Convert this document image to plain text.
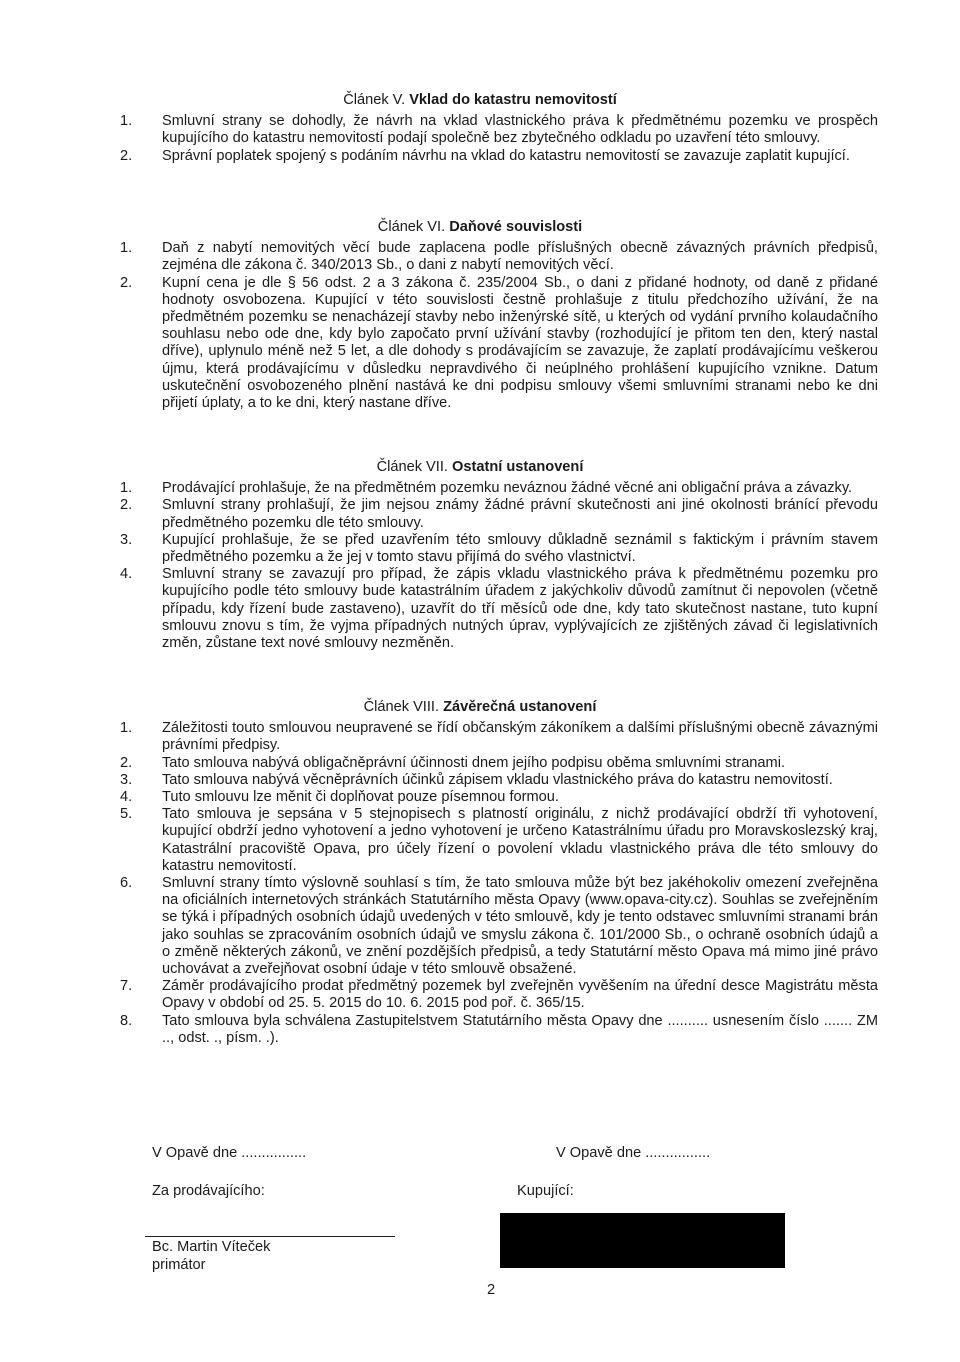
Článek V. Vklad do katastru nemovitostí
1.	Smluvní strany se dohodly, že návrh na vklad vlastnického práva k předmětnému pozemku ve prospěch kupujícího do katastru nemovitostí podají společně bez zbytečného odkladu po uzavření této smlouvy.
2.	Správní poplatek spojený s podáním návrhu na vklad do katastru nemovitostí se zavazuje zaplatit kupující.
Článek VI. Daňové souvislosti
1.	Daň z nabytí nemovitých věcí bude zaplacena podle příslušných obecně závazných právních předpisů, zejména dle zákona č. 340/2013 Sb., o dani z nabytí nemovitých věcí.
2.	Kupní cena je dle § 56 odst. 2 a 3 zákona č. 235/2004 Sb., o dani z přidané hodnoty, od daně z přidané hodnoty osvobozena. Kupující v této souvislosti čestně prohlašuje z titulu předchozího užívání, že na předmětném pozemku se nenacházejí stavby nebo inženýrské sítě, u kterých od vydání prvního kolaudačního souhlasu nebo ode dne, kdy bylo započato první užívání stavby (rozhodující je přitom ten den, který nastal dříve), uplynulo méně než 5 let, a dle dohody s prodávajícím se zavazuje, že zaplatí prodávajícímu veškerou újmu, která prodávajícímu v důsledku nepravdivého či neúplného prohlášení kupujícího vznikne. Datum uskutečnění osvobozeného plnění nastává ke dni podpisu smlouvy všemi smluvními stranami nebo ke dni přijetí úplaty, a to ke dni, který nastane dříve.
Článek VII. Ostatní ustanovení
1.	Prodávající prohlašuje, že na předmětném pozemku neváznou žádné věcné ani obligační práva a závazky.
2.	Smluvní strany prohlašují, že jim nejsou známy žádné právní skutečnosti ani jiné okolnosti bránící převodu předmětného pozemku dle této smlouvy.
3.	Kupující prohlašuje, že se před uzavřením této smlouvy důkladně seznámil s faktickým i právním stavem předmětného pozemku a že jej v tomto stavu přijímá do svého vlastnictví.
4.	Smluvní strany se zavazují pro případ, že zápis vkladu vlastnického práva k předmětnému pozemku pro kupujícího podle této smlouvy bude katastrálním úřadem z jakýchkoliv důvodů zamítnut či nepovolen (včetně případu, kdy řízení bude zastaveno), uzavřít do tří měsíců ode dne, kdy tato skutečnost nastane, tuto kupní smlouvu znovu s tím, že vyjma případných nutných úprav, vyplývajících ze zjištěných závad či legislativních změn, zůstane text nové smlouvy nezměněn.
Článek VIII. Závěrečná ustanovení
1.	Záležitosti touto smlouvou neupravené se řídí občanským zákoníkem a dalšími příslušnými obecně závaznými právními předpisy.
2.	Tato smlouva nabývá obligačněprávní účinnosti dnem jejího podpisu oběma smluvními stranami.
3.	Tato smlouva nabývá věcněprávních účinků zápisem vkladu vlastnického práva do katastru nemovitostí.
4.	Tuto smlouvu lze měnit či doplňovat pouze písemnou formou.
5.	Tato smlouva je sepsána v 5 stejnopisech s platností originálu, z nichž prodávající obdrží tři vyhotovení, kupující obdrží jedno vyhotovení a jedno vyhotovení je určeno Katastrálnímu úřadu pro Moravskoslezský kraj, Katastrální pracoviště Opava, pro účely řízení o povolení vkladu vlastnického práva dle této smlouvy do katastru nemovitostí.
6.	Smluvní strany tímto výslovně souhlasí s tím, že tato smlouva může být bez jakéhokoliv omezení zveřejněna na oficiálních internetových stránkách Statutárního města Opavy (www.opava-city.cz). Souhlas se zveřejněním se týká i případných osobních údajů uvedených v této smlouvě, kdy je tento odstavec smluvními stranami brán jako souhlas se zpracováním osobních údajů ve smyslu zákona č. 101/2000 Sb., o ochraně osobních údajů a o změně některých zákonů, ve znění pozdějších předpisů, a tedy Statutární město Opava má mimo jiné právo uchovávat a zveřejňovat osobní údaje v této smlouvě obsažené.
7.	Záměr prodávajícího prodat předmětný pozemek byl zveřejněn vyvěšením na úřední desce Magistrátu města Opavy v období od 25. 5. 2015 do 10. 6. 2015 pod poř. č. 365/15.
8.	Tato smlouva byla schválena Zastupitelstvem Statutárního města Opavy dne .......... usnesením číslo ....... ZM .., odst. ., písm. .).
V Opavě dne ................	V Opavě dne ................
Za prodávajícího:	Kupující:
Bc. Martin Víteček
primátor
2
